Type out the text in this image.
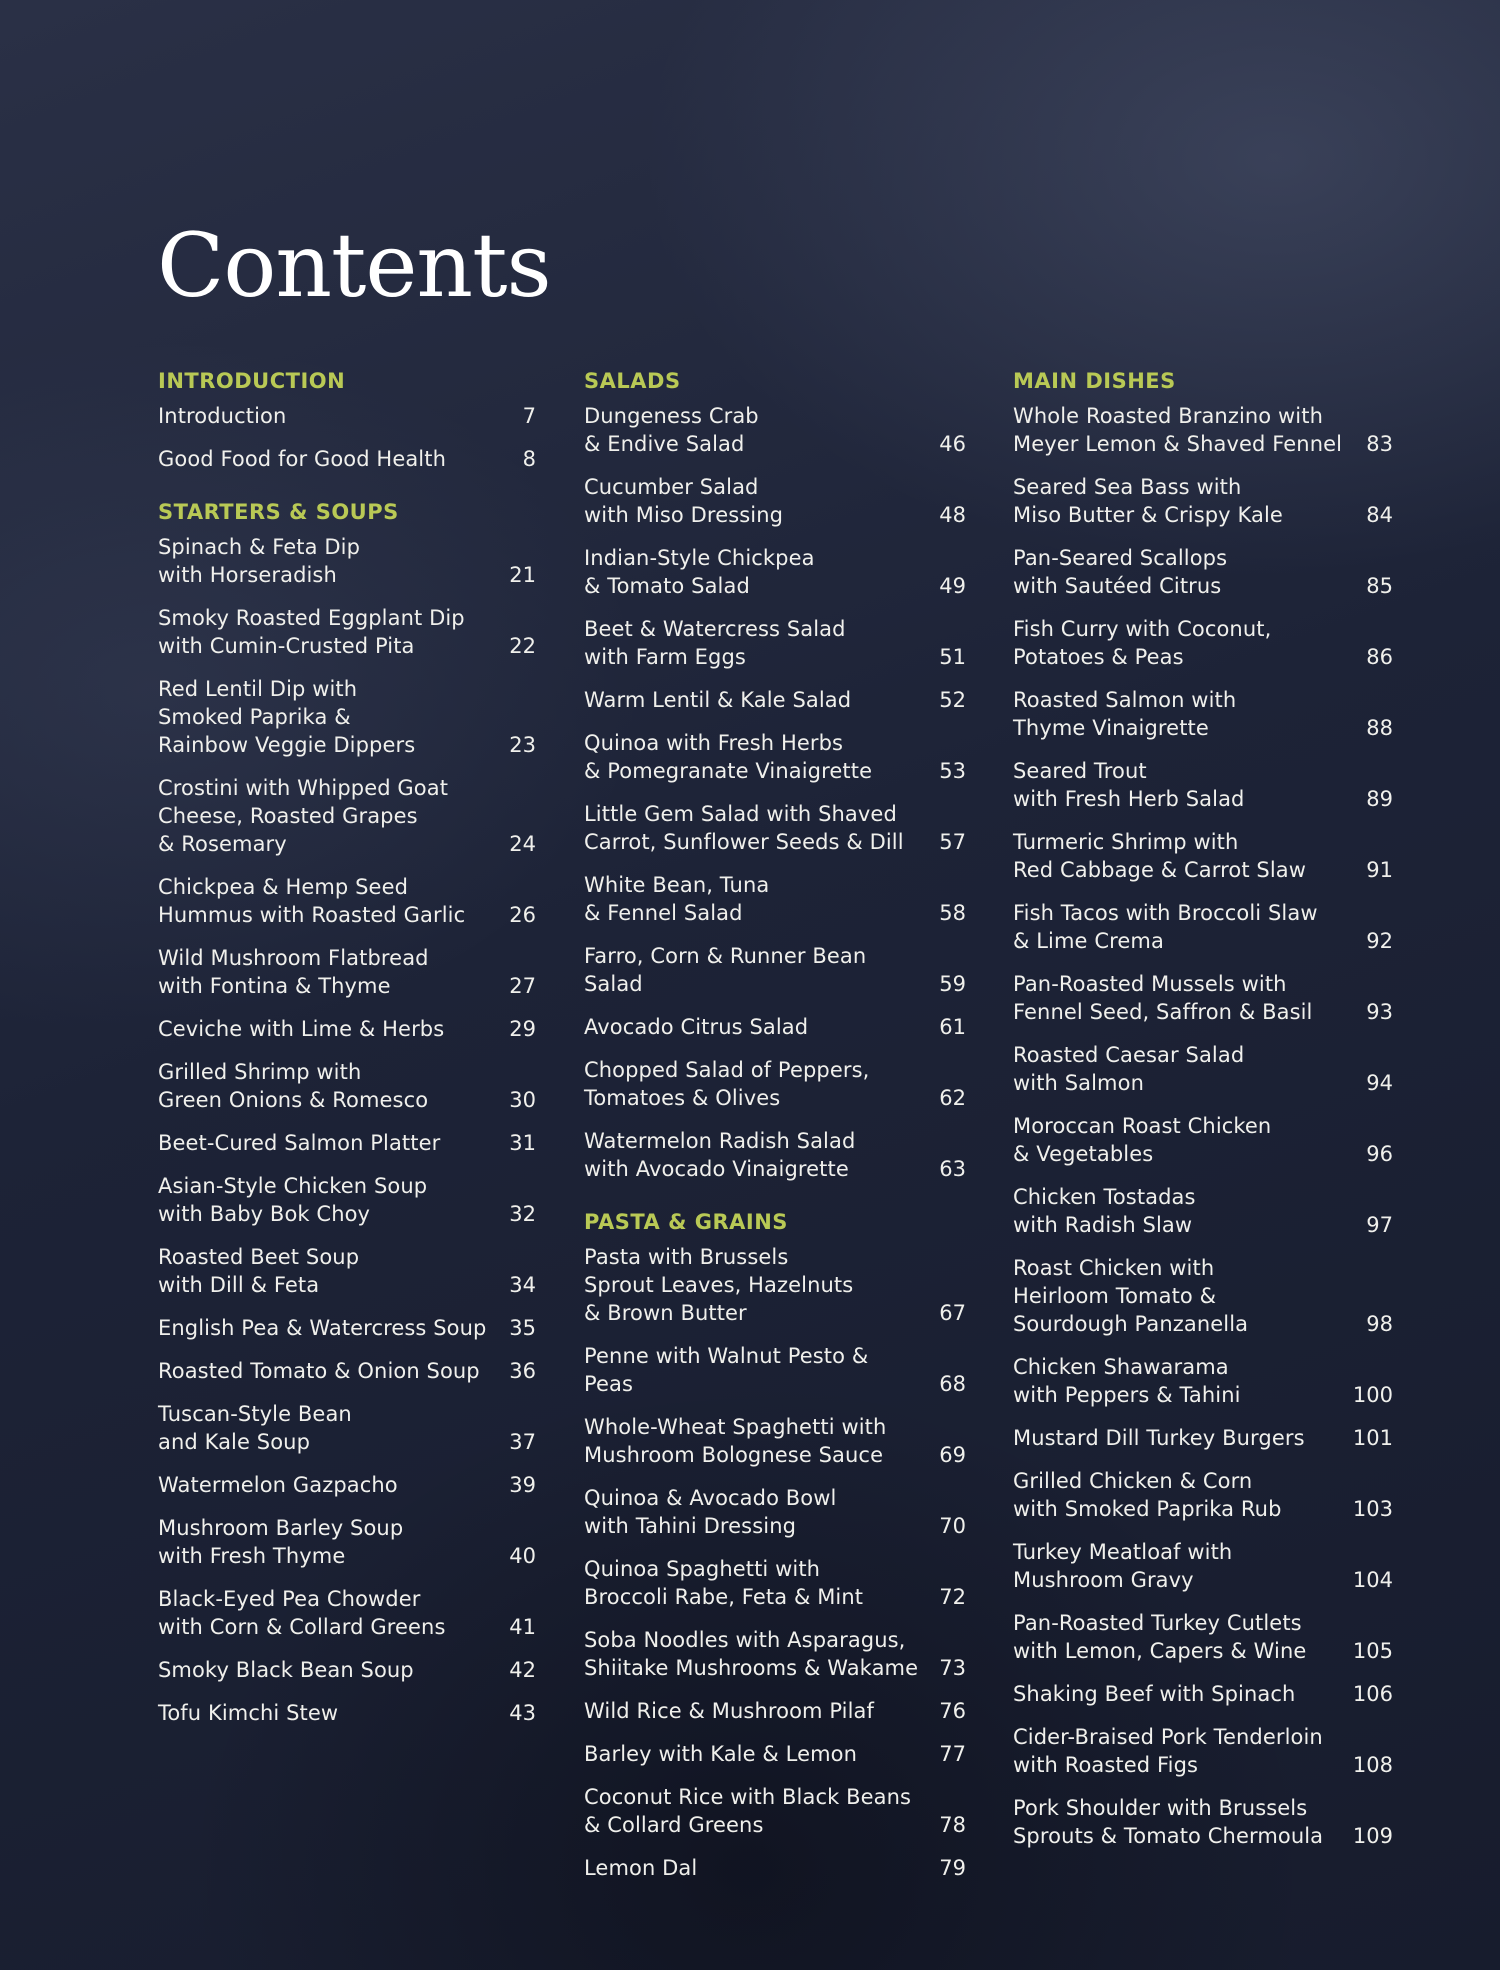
Contents
INTRODUCTION
Introduction	7
Good Food for Good Health	8
STARTERS & SOUPS
Spinach & Feta Dip
with Horseradish	21
Smoky Roasted Eggplant Dip
with Cumin-Crusted Pita	22
Red Lentil Dip with
Smoked Paprika &
Rainbow Veggie Dippers	23
Crostini with Whipped Goat
Cheese, Roasted Grapes
& Rosemary	24
Chickpea & Hemp Seed
Hummus with Roasted Garlic	26
Wild Mushroom Flatbread
with Fontina & Thyme	27
Ceviche with Lime & Herbs	29
Grilled Shrimp with
Green Onions & Romesco	30
Beet-Cured Salmon Platter	31
Asian-Style Chicken Soup
with Baby Bok Choy	32
Roasted Beet Soup
with Dill & Feta	34
English Pea & Watercress Soup	35
Roasted Tomato & Onion Soup	36
Tuscan-Style Bean
and Kale Soup	37
Watermelon Gazpacho	39
Mushroom Barley Soup
with Fresh Thyme	40
Black-Eyed Pea Chowder
with Corn & Collard Greens	41
Smoky Black Bean Soup	42
Tofu Kimchi Stew	43
SALADS
Dungeness Crab
& Endive Salad	46
Cucumber Salad
with Miso Dressing	48
Indian-Style Chickpea
& Tomato Salad	49
Beet & Watercress Salad
with Farm Eggs	51
Warm Lentil & Kale Salad	52
Quinoa with Fresh Herbs
& Pomegranate Vinaigrette	53
Little Gem Salad with Shaved
Carrot, Sunflower Seeds & Dill	57
White Bean, Tuna
& Fennel Salad	58
Farro, Corn & Runner Bean Salad	59
Avocado Citrus Salad	61
Chopped Salad of Peppers,
Tomatoes & Olives	62
Watermelon Radish Salad
with Avocado Vinaigrette	63
PASTA & GRAINS
Pasta with Brussels
Sprout Leaves, Hazelnuts
& Brown Butter	67
Penne with Walnut Pesto & Peas	68
Whole-Wheat Spaghetti with
Mushroom Bolognese Sauce	69
Quinoa & Avocado Bowl
with Tahini Dressing	70
Quinoa Spaghetti with
Broccoli Rabe, Feta & Mint	72
Soba Noodles with Asparagus,
Shiitake Mushrooms & Wakame	73
Wild Rice & Mushroom Pilaf	76
Barley with Kale & Lemon	77
Coconut Rice with Black Beans
& Collard Greens	78
Lemon Dal	79
MAIN DISHES
Whole Roasted Branzino with
Meyer Lemon & Shaved Fennel	83
Seared Sea Bass with
Miso Butter & Crispy Kale	84
Pan-Seared Scallops
with Sautéed Citrus	85
Fish Curry with Coconut,
Potatoes & Peas	86
Roasted Salmon with
Thyme Vinaigrette	88
Seared Trout
with Fresh Herb Salad	89
Turmeric Shrimp with
Red Cabbage & Carrot Slaw	91
Fish Tacos with Broccoli Slaw
& Lime Crema	92
Pan-Roasted Mussels with
Fennel Seed, Saffron & Basil	93
Roasted Caesar Salad
with Salmon	94
Moroccan Roast Chicken
& Vegetables	96
Chicken Tostadas
with Radish Slaw	97
Roast Chicken with
Heirloom Tomato &
Sourdough Panzanella	98
Chicken Shawarama
with Peppers & Tahini	100
Mustard Dill Turkey Burgers	101
Grilled Chicken & Corn
with Smoked Paprika Rub	103
Turkey Meatloaf with
Mushroom Gravy	104
Pan-Roasted Turkey Cutlets
with Lemon, Capers & Wine	105
Shaking Beef with Spinach	106
Cider-Braised Pork Tenderloin
with Roasted Figs	108
Pork Shoulder with Brussels
Sprouts & Tomato Chermoula	109
